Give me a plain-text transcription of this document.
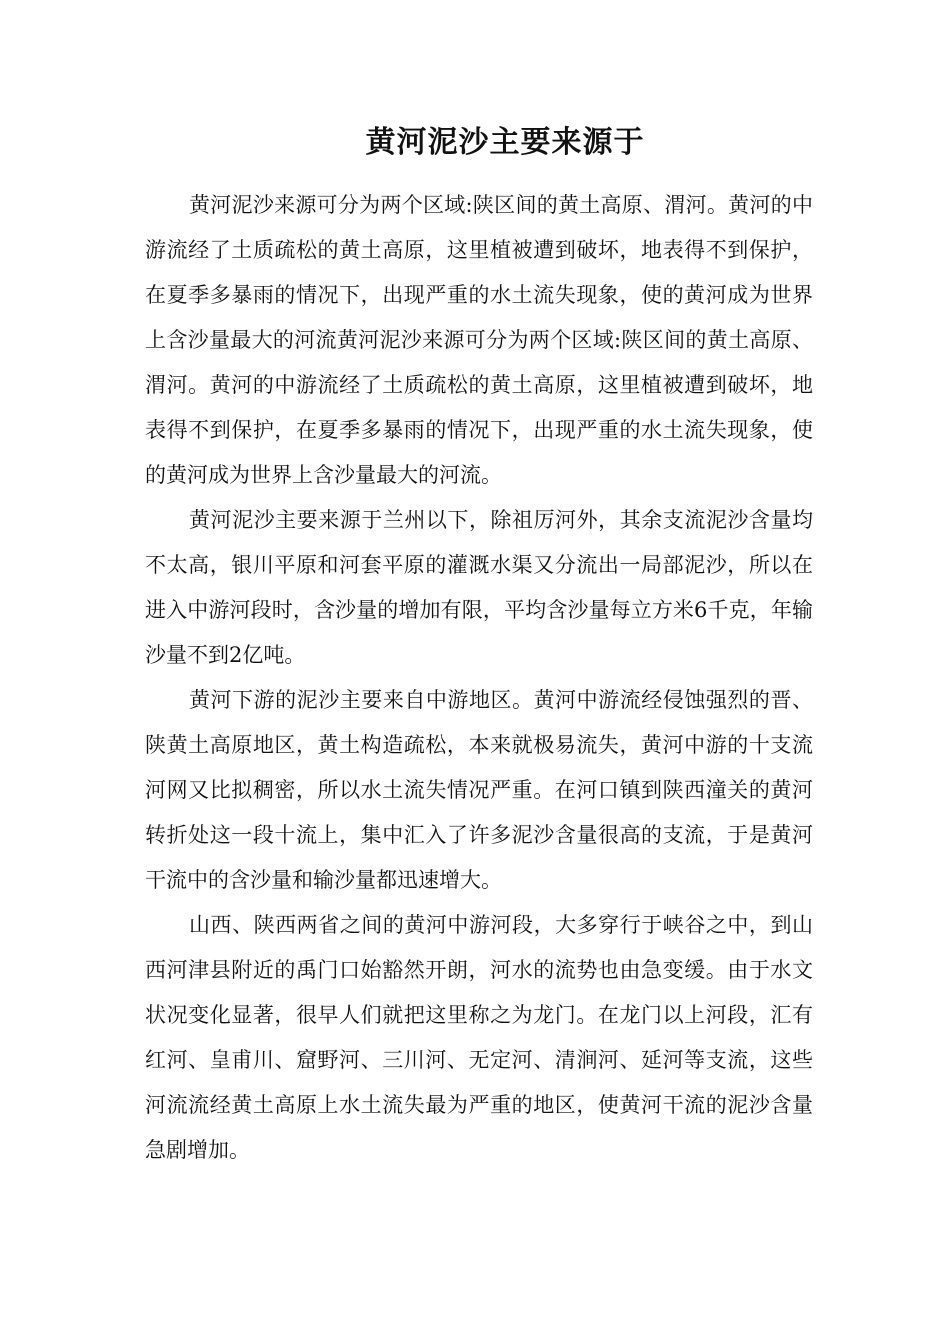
黄河泥沙主要来源于

黄河泥沙来源可分为两个区域:陕区间的黄土高原、渭河。黄河的中游流经了土质疏松的黄土高原，这里植被遭到破坏，地表得不到保护，在夏季多暴雨的情况下，出现严重的水土流失现象，使的黄河成为世界上含沙量最大的河流黄河泥沙来源可分为两个区域:陕区间的黄土高原、渭河。黄河的中游流经了土质疏松的黄土高原，这里植被遭到破坏，地表得不到保护，在夏季多暴雨的情况下，出现严重的水土流失现象，使的黄河成为世界上含沙量最大的河流。

黄河泥沙主要来源于兰州以下，除祖厉河外，其余支流泥沙含量均不太高，银川平原和河套平原的灌溉水渠又分流出一局部泥沙，所以在进入中游河段时，含沙量的增加有限，平均含沙量每立方米6千克，年输沙量不到2亿吨。

黄河下游的泥沙主要来自中游地区。黄河中游流经侵蚀强烈的晋、陕黄土高原地区，黄土构造疏松，本来就极易流失，黄河中游的十支流河网又比拟稠密，所以水土流失情况严重。在河口镇到陕西潼关的黄河转折处这一段十流上，集中汇入了许多泥沙含量很高的支流，于是黄河干流中的含沙量和输沙量都迅速增大。

山西、陕西两省之间的黄河中游河段，大多穿行于峡谷之中，到山西河津县附近的禹门口始豁然开朗，河水的流势也由急变缓。由于水文状况变化显著，很早人们就把这里称之为龙门。在龙门以上河段，汇有红河、皇甫川、窟野河、三川河、无定河、清涧河、延河等支流，这些河流流经黄土高原上水土流失最为严重的地区，使黄河干流的泥沙含量急剧增加。
